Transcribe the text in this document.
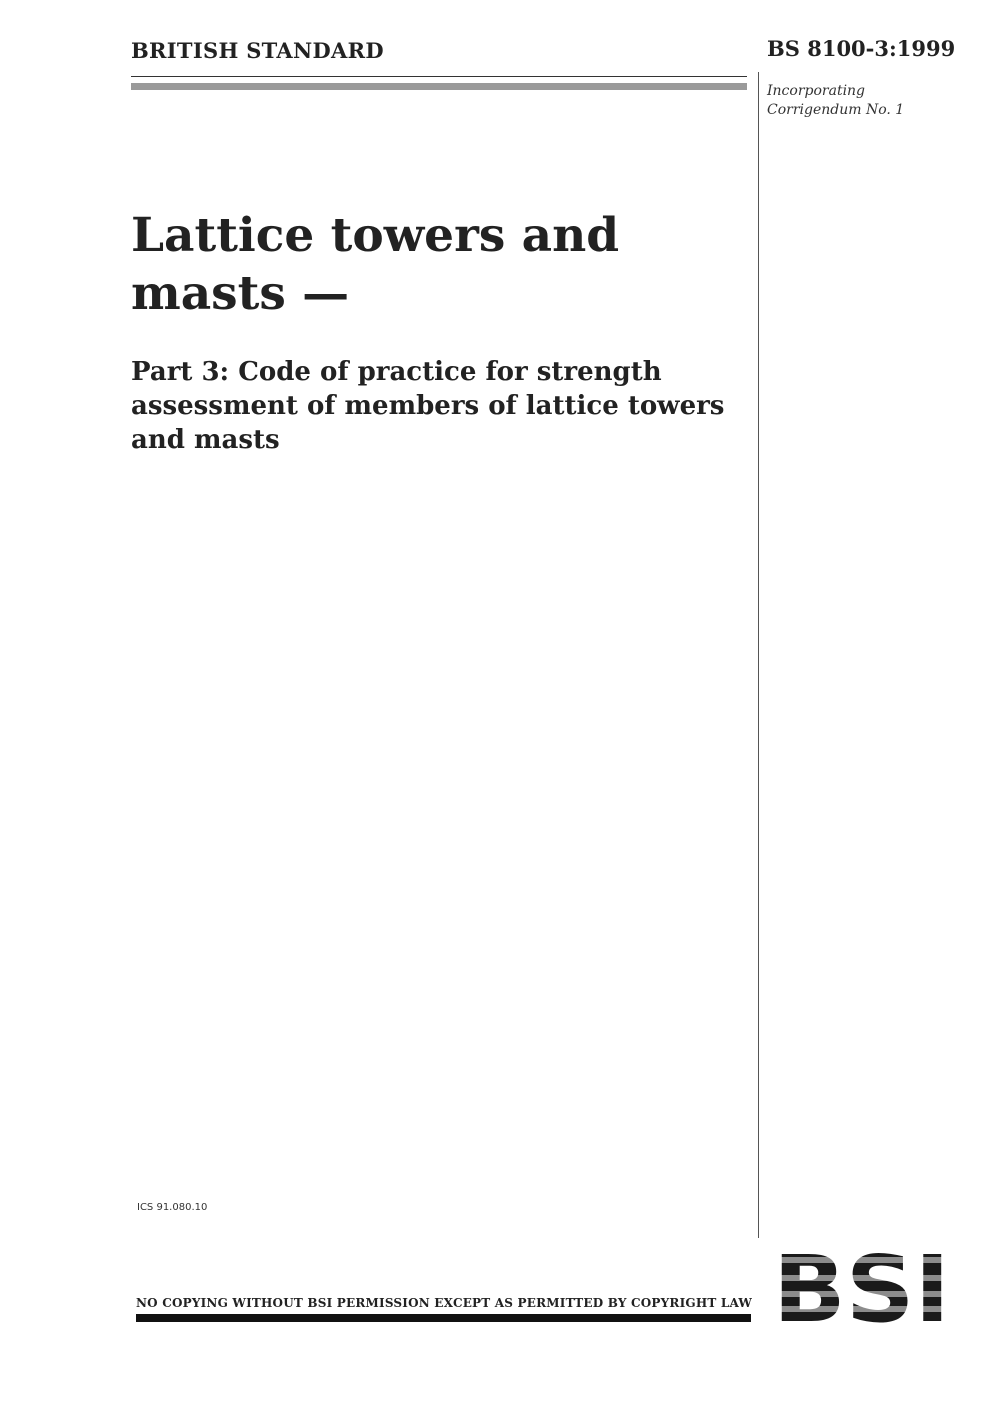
BRITISH STANDARD	BS 8100-3:1999
Incorporating
Corrigendum No. 1
Lattice towers and
masts —
Part 3: Code of practice for strength
assessment of members of lattice towers
and masts
ICS 91.080.10
NO COPYING WITHOUT BSI PERMISSION EXCEPT AS PERMITTED BY COPYRIGHT LAW
